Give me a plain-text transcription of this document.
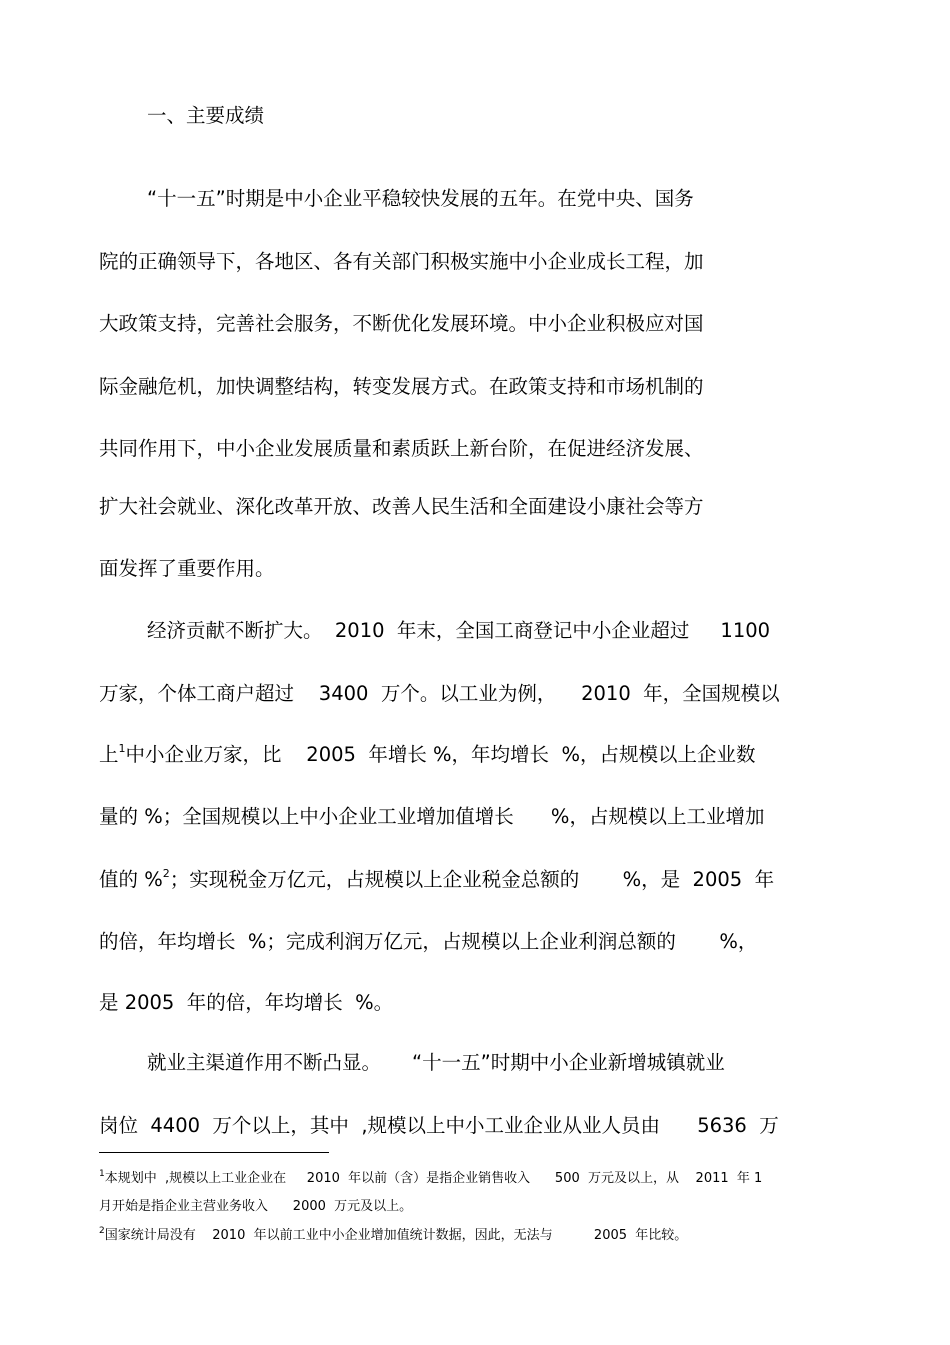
一、主要成绩
“十一五”时期是中小企业平稳较快发展的五年。在党中央、国务
院的正确领导下，各地区、各有关部门积极实施中小企业成长工程，加
大政策支持，完善社会服务，不断优化发展环境。中小企业积极应对国
际金融危机，加快调整结构，转变发展方式。在政策支持和市场机制的
共同作用下，中小企业发展质量和素质跃上新台阶，在促进经济发展、
扩大社会就业、深化改革开放、改善人民生活和全面建设小康社会等方
面发挥了重要作用。
经济贡献不断扩大。  2010  年末，全国工商登记中小企业超过     1100
万家，个体工商户超过    3400  万个。以工业为例，    2010  年，全国规模以
上$^1$中小企业万家，比    2005  年增长 %，年均增长  %，占规模以上企业数
量的 %；全国规模以上中小企业工业增加值增长      %，占规模以上工业增加
值的 %$^2$；实现税金万亿元，占规模以上企业税金总额的       %，是  2005  年
的倍，年均增长  %；完成利润万亿元，占规模以上企业利润总额的       %，
是 2005  年的倍，年均增长  %。
就业主渠道作用不断凸显。     “十一五”时期中小企业新增城镇就业
岗位  4400  万个以上，其中  ,规模以上中小工业企业从业人员由      5636  万
$^1$本规划中  ,规模以上工业企业在     2010  年以前（含）是指企业销售收入      500  万元及以上，从    2011  年 1
月开始是指企业主营业务收入      2000  万元及以上。
$^2$国家统计局没有    2010  年以前工业中小企业增加值统计数据，因此，无法与          2005  年比较。
